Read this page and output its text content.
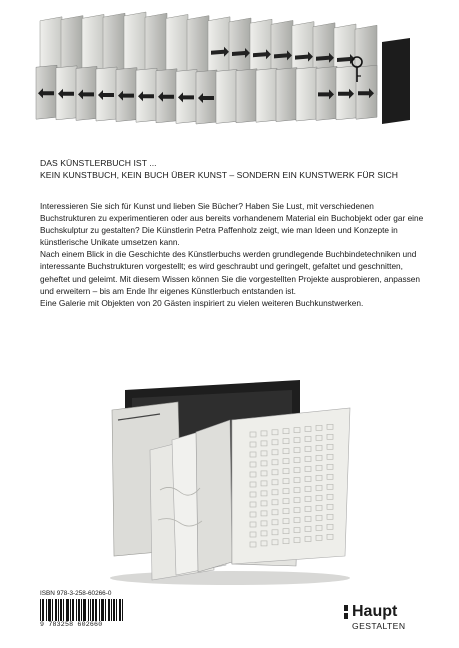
DAS KÜNSTLERBUCH IST ...
KEIN KUNSTBUCH, KEIN BUCH ÜBER KUNST – SONDERN EIN KUNSTWERK FÜR SICH

Interessieren Sie sich für Kunst und lieben Sie Bücher? Haben Sie Lust, mit verschiedenen Buchstrukturen zu experimentieren oder aus bereits vorhandenem Material ein Buchobjekt oder gar eine Buchskulptur zu gestalten? Die Künstlerin Petra Paffenholz zeigt, wie man Ideen und Konzepte in künstlerische Unikate umsetzen kann.

Nach einem Blick in die Geschichte des Künstlerbuchs werden grundlegende Buchbindetechniken und interessante Buchstrukturen vorgestellt; es wird geschraubt und geringelt, gefaltet und geschnitten, geheftet und geleimt. Mit diesem Wissen können Sie die vorgestellten Projekte ausprobieren, anpassen und erweitern – bis am Ende Ihr eigenes Künstlerbuch entstanden ist.

Eine Galerie mit Objekten von 20 Gästen inspiriert zu vielen weiteren Buchkunstwerken.

ISBN 978-3-258-60266-0
9 783258 602660
Haupt
GESTALTEN
